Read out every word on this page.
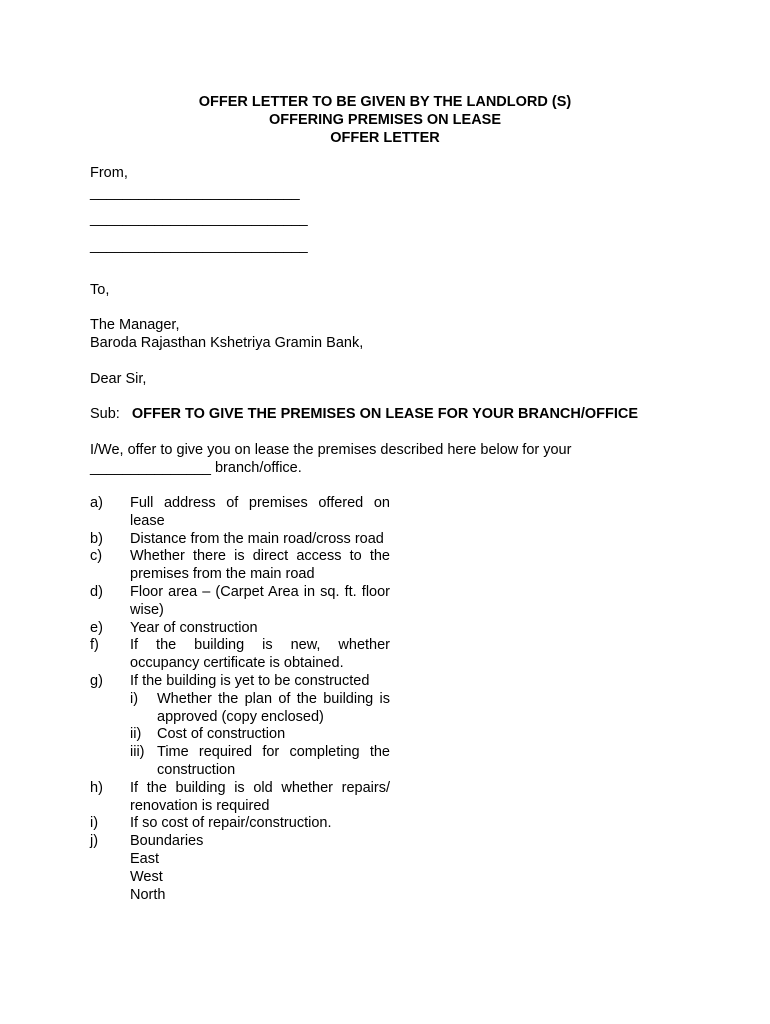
OFFER LETTER TO BE GIVEN BY THE LANDLORD (S)
OFFERING PREMISES ON LEASE
OFFER LETTER
From,
__________________________
___________________________
___________________________
To,
The Manager,
Baroda Rajasthan Kshetriya Gramin Bank,
Dear Sir,
Sub: OFFER TO GIVE THE PREMISES ON LEASE FOR YOUR BRANCH/OFFICE
I/We, offer to give you on lease the premises described here below for your
_______________ branch/office.
a) Full address of premises offered on lease
b) Distance from the main road/cross road
c) Whether there is direct access to the premises from the main road
d) Floor area – (Carpet Area in sq. ft. floor wise)
e) Year of construction
f) If the building is new, whether occupancy certificate is obtained.
g) If the building is yet to be constructed
i) Whether the plan of the building is approved (copy enclosed)
ii) Cost of construction
iii) Time required for completing the construction
h) If the building is old whether repairs/ renovation is required
i) If so cost of repair/construction.
j) Boundaries
East
West
North
